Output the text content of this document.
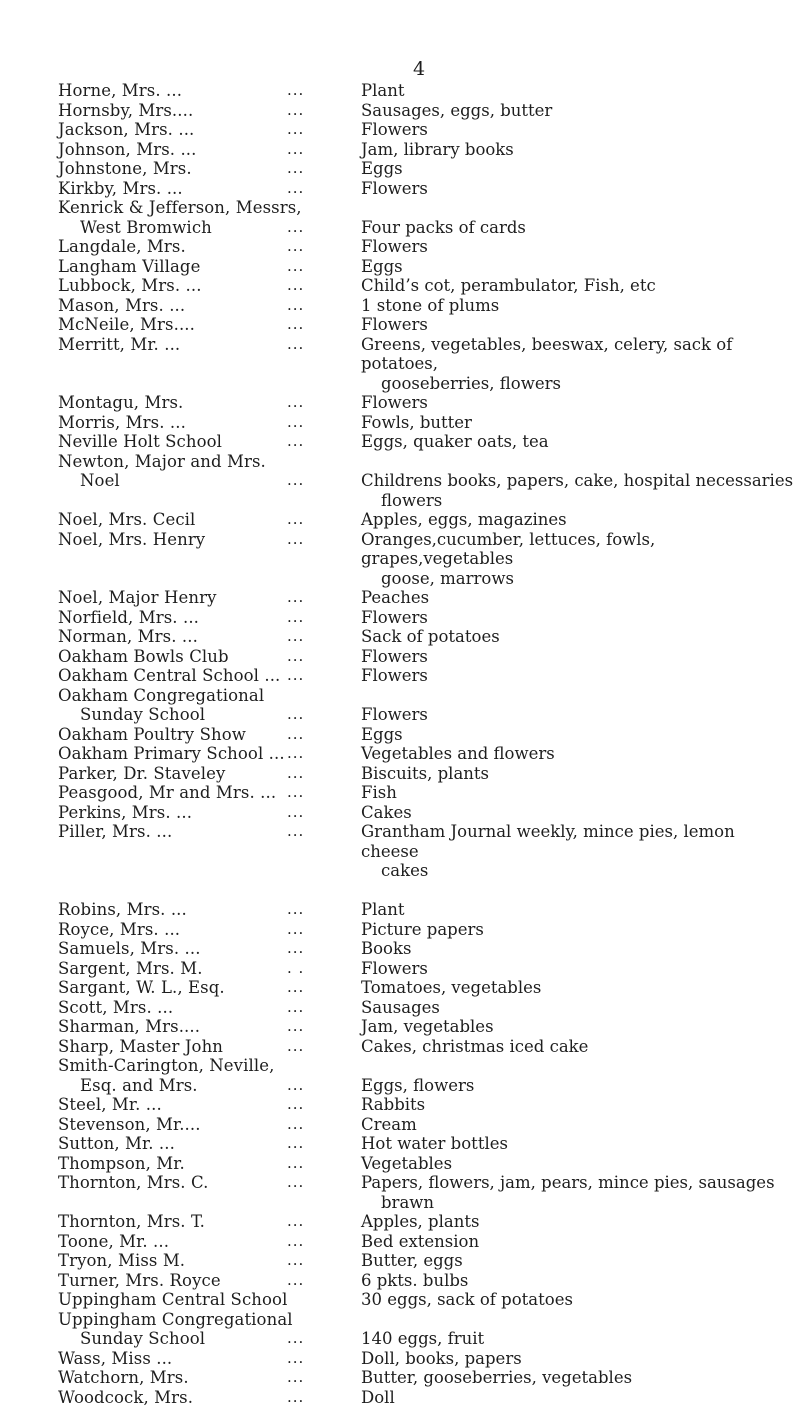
4
Horne, Mrs. ...	...	Plant
Hornsby, Mrs....	...	Sausages, eggs, butter
Jackson, Mrs. ...	...	Flowers
Johnson, Mrs. ...	...	Jam, library books
Johnstone, Mrs.	...	Eggs
Kirkby, Mrs. ...	...	Flowers
Kenrick & Jefferson, Messrs,
West Bromwich	...	Four packs of cards
Langdale, Mrs.	...	Flowers
Langham Village	...	Eggs
Lubbock, Mrs. ...	...	Child’s cot, perambulator, Fish, etc
Mason, Mrs. ...	...	1 stone of plums
McNeile, Mrs....	...	Flowers
Merritt, Mr. ...	...	Greens, vegetables, beeswax, celery, sack of potatoes,
gooseberries, flowers
Montagu, Mrs.	...	Flowers
Morris, Mrs. ...	...	Fowls, butter
Neville Holt School	...	Eggs, quaker oats, tea
Newton, Major and Mrs.
Noel	...	Childrens books, papers, cake, hospital necessaries
flowers
Noel, Mrs. Cecil	...	Apples, eggs, magazines
Noel, Mrs. Henry	...	Oranges,cucumber, lettuces, fowls, grapes,vegetables
goose, marrows
Noel, Major Henry	...	Peaches
Norfield, Mrs. ...	...	Flowers
Norman, Mrs. ...	...	Sack of potatoes
Oakham Bowls Club	...	Flowers
Oakham Central School ... ...	Flowers
Oakham Congregational
Sunday School	...	Flowers
Oakham Poultry Show	...	Eggs
Oakham Primary School ... ...	Vegetables and flowers
Parker, Dr. Staveley	...	Biscuits, plants
Peasgood, Mr and Mrs. ... ...	Fish
Perkins, Mrs. ...	...	Cakes
Piller, Mrs. ...	...	Grantham Journal weekly, mince pies, lemon cheese
cakes
Robins, Mrs. ...	...	Plant
Royce, Mrs. ...	...	Picture papers
Samuels, Mrs. ...	...	Books
Sargent, Mrs. M.	. .	Flowers
Sargant, W. L., Esq.	...	Tomatoes, vegetables
Scott, Mrs. ...	...	Sausages
Sharman, Mrs....	...	Jam, vegetables
Sharp, Master John	...	Cakes, christmas iced cake
Smith-Carington, Neville,
Esq. and Mrs.	...	Eggs, flowers
Steel, Mr. ...	...	Rabbits
Stevenson, Mr....	...	Cream
Sutton, Mr. ...	...	Hot water bottles
Thompson, Mr.	...	Vegetables
Thornton, Mrs. C.	...	Papers, flowers, jam, pears, mince pies, sausages
brawn
Thornton, Mrs. T.	...	Apples, plants
Toone, Mr. ...	...	Bed extension
Tryon, Miss M.	...	Butter, eggs
Turner, Mrs. Royce	...	6 pkts. bulbs
Uppingham Central School	30 eggs, sack of potatoes
Uppingham Congregational
Sunday School	...	140 eggs, fruit
Wass, Miss ...	...	Doll, books, papers
Watchorn, Mrs.	...	Butter, gooseberries, vegetables
Woodcock, Mrs.	...	Doll
